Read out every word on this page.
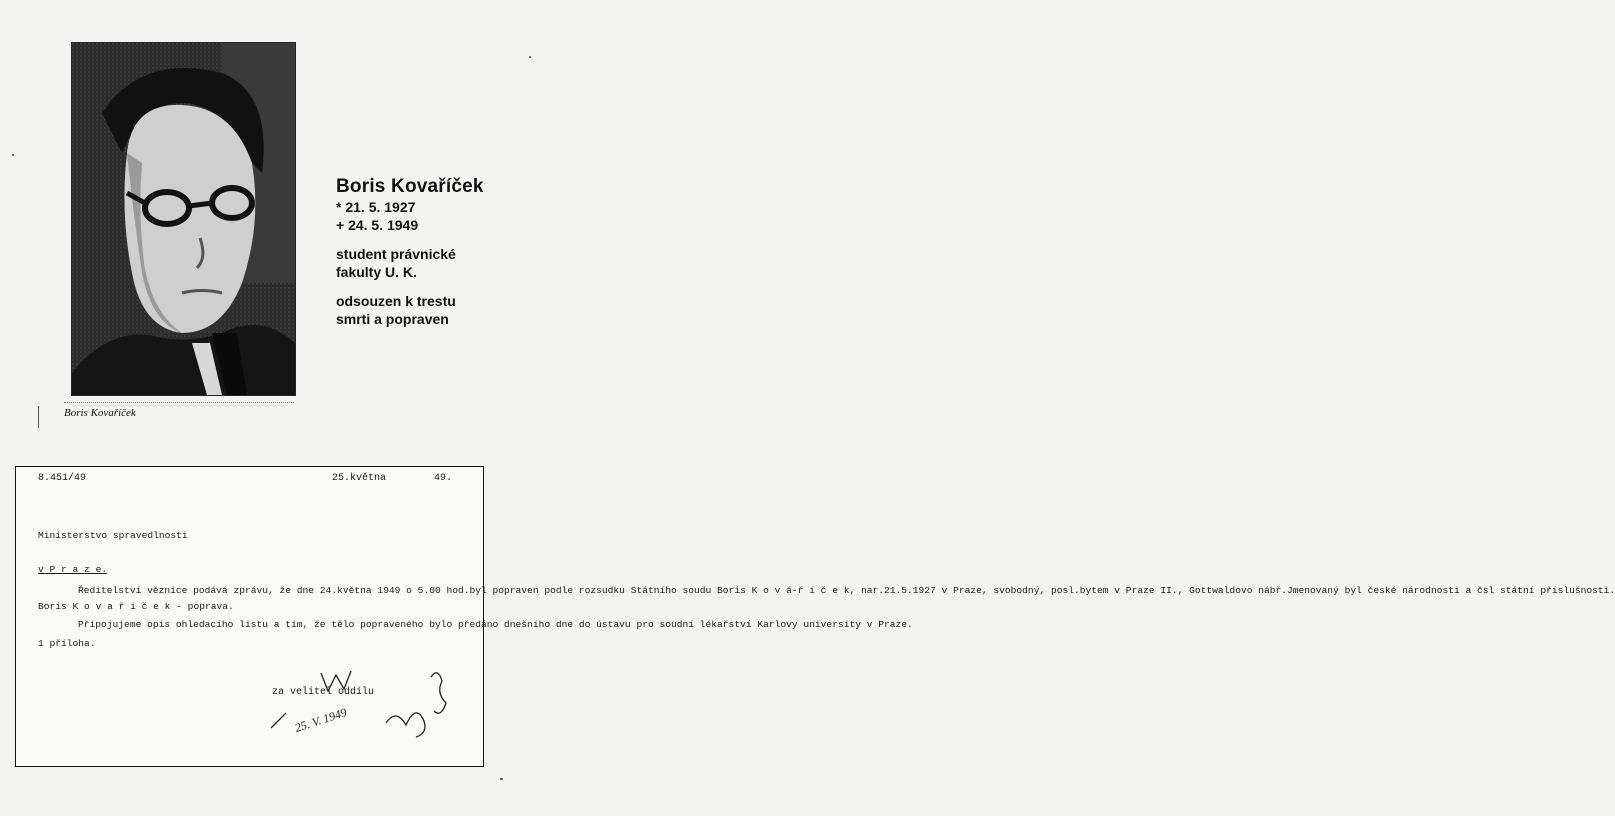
Boris Kovaříček
Boris Kovaříček
* 21. 5. 1927
+ 24. 5. 1949
student právnické fakulty U. K.
odsouzen k trestu smrti a popraven
8.451/49	25.května        49.

Ministerstvo spravedlnosti

v P r a z e.

Boris K o v a ř í č e k - poprava.

1 příloha.

Ředitelství věznice podává zprávu, že dne 24.května 1949 o 5.00 hod.byl popraven podle rozsudku Státního soudu Boris K o v á-ř í č e k, nar.21.5.1927 v Praze, svobodný, posl.bytem v Praze II., Gottwaldovo nábř.Jmenovaný byl české národnosti a čsl státní příslušnosti.

Připojujeme opis ohledacího listu a tím, že tělo popraveného bylo předáno dnešního dne do ústavu pro soudní lékařství Karlovy university v Praze.

za velitel oddílu
25. V. 1949
